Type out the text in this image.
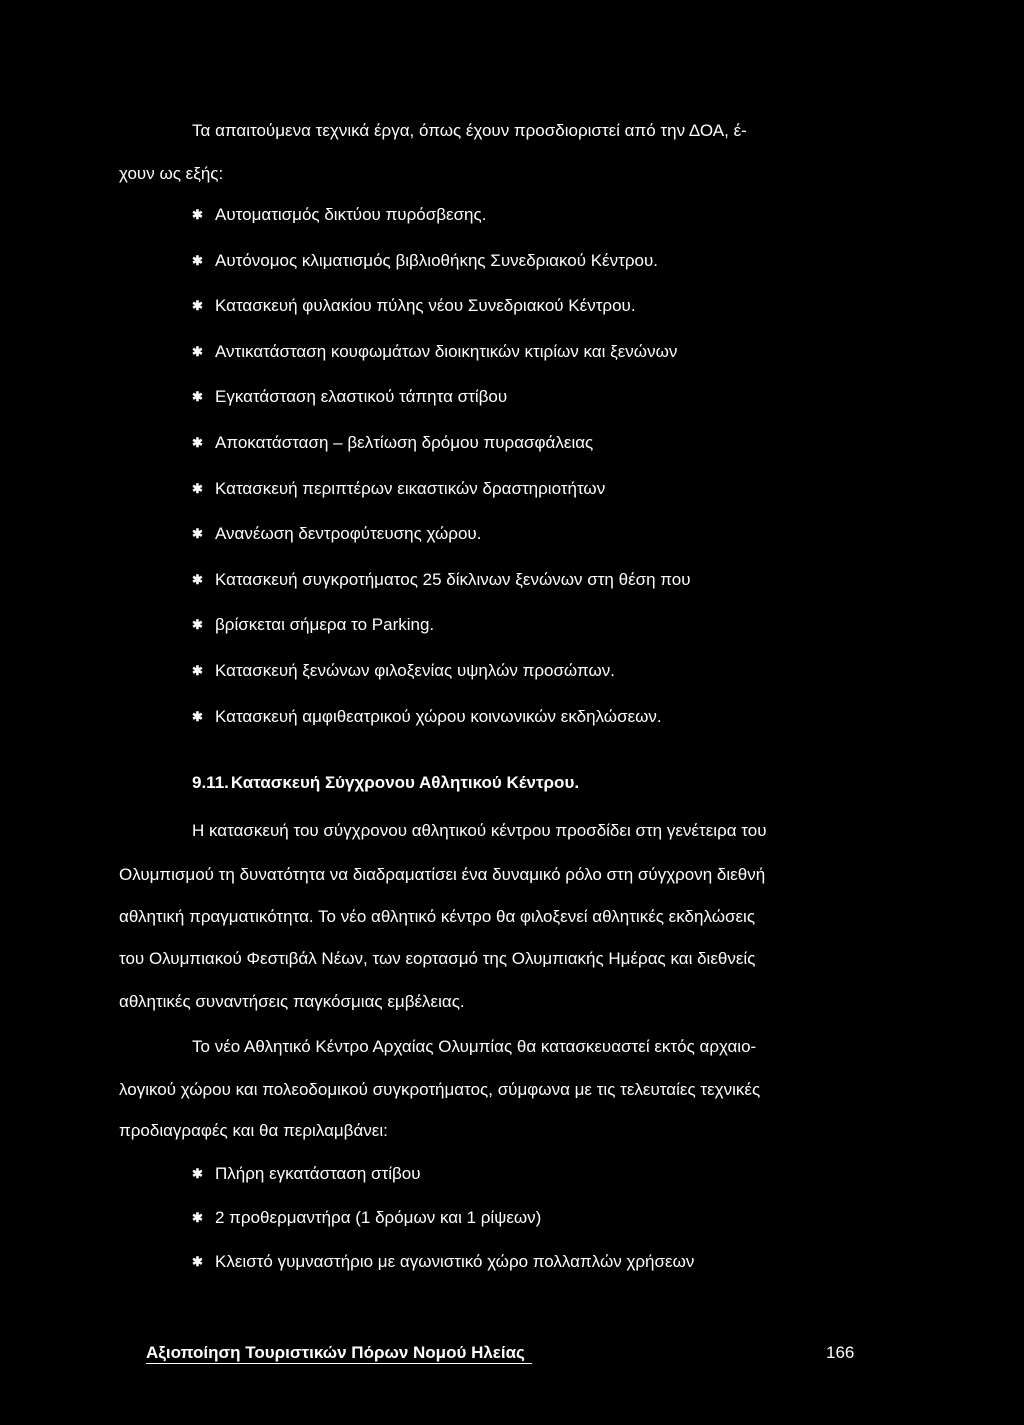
Τα απαιτούμενα τεχνικά έργα, όπως έχουν προσδιοριστεί από την ΔΟΑ, έ-
χουν ως εξής:
✱ Αυτοματισμός δικτύου πυρόσβεσης.
✱ Αυτόνομος κλιματισμός βιβλιοθήκης Συνεδριακού Κέντρου.
✱ Κατασκευή φυλακίου πύλης νέου Συνεδριακού Κέντρου.
✱ Αντικατάσταση κουφωμάτων διοικητικών κτιρίων και ξενώνων
✱ Εγκατάσταση ελαστικού τάπητα στίβου
✱ Αποκατάσταση – βελτίωση δρόμου πυρασφάλειας
✱ Κατασκευή περιπτέρων εικαστικών δραστηριοτήτων
✱ Ανανέωση δεντροφύτευσης χώρου.
✱ Κατασκευή συγκροτήματος 25 δίκλινων ξενώνων στη θέση που
✱ βρίσκεται σήμερα το Parking.
✱ Κατασκευή ξενώνων φιλοξενίας υψηλών προσώπων.
✱ Κατασκευή αμφιθεατρικού χώρου κοινωνικών εκδηλώσεων.
9.11. Κατασκευή Σύγχρονου Αθλητικού Κέντρου.
Η κατασκευή του σύγχρονου αθλητικού κέντρου προσδίδει στη γενέτειρα του
Ολυμπισμού τη δυνατότητα να διαδραματίσει ένα δυναμικό ρόλο στη σύγχρονη διεθνή
αθλητική πραγματικότητα. Το νέο αθλητικό κέντρο θα φιλοξενεί αθλητικές εκδηλώσεις
του Ολυμπιακού Φεστιβάλ Νέων, των εορτασμό της Ολυμπιακής Ημέρας και διεθνείς
αθλητικές συναντήσεις παγκόσμιας εμβέλειας.
Το νέο Αθλητικό Κέντρο Αρχαίας Ολυμπίας θα κατασκευαστεί εκτός αρχαιο-
λογικού χώρου και πολεοδομικού συγκροτήματος, σύμφωνα με τις τελευταίες τεχνικές
προδιαγραφές και θα περιλαμβάνει:
✱ Πλήρη εγκατάσταση στίβου
✱ 2 προθερμαντήρα (1 δρόμων και 1 ρίψεων)
✱ Κλειστό γυμναστήριο με αγωνιστικό χώρο πολλαπλών χρήσεων
Αξιοποίηση Τουριστικών Πόρων Νομού Ηλείας	166
